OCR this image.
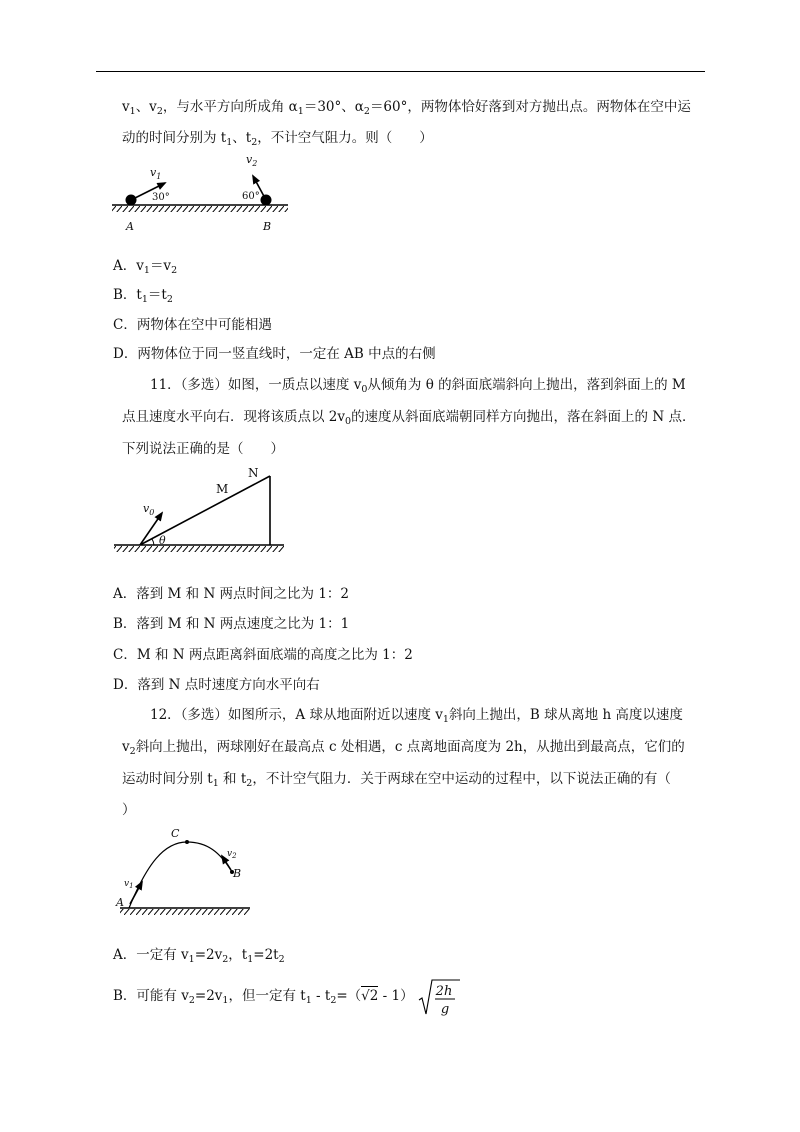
$v_1$、$v_2$，与水平方向所成角 $\alpha_1=30^\circ$、$\alpha_2=60^\circ$，两物体恰好落到对方抛出点。两物体在空中运
动的时间分别为 $t_1$、$t_2$，不计空气阻力。则（　　）
$v_1$
$v_2$
30°	60°
A	B
A．$v_1=v_2$
B．$t_1=t_2$
C．两物体在空中可能相遇
D．两物体位于同一竖直线时，一定在 AB 中点的右侧
11．（多选）如图，一质点以速度 $v_0$从倾角为 θ 的斜面底端斜向上抛出，落到斜面上的 M
点且速度水平向右．现将该质点以 $2v_0$的速度从斜面底端朝同样方向抛出，落在斜面上的 N 点．
下列说法正确的是（　　）
θ
$v_0$
M
N
A．落到 M 和 N 两点时间之比为 1：2
B．落到 M 和 N 两点速度之比为 1：1
C．M 和 N 两点距离斜面底端的高度之比为 1：2
D．落到 N 点时速度方向水平向右
12．（多选）如图所示，A 球从地面附近以速度 $v_1$斜向上抛出，B 球从离地 h 高度以速度
$v_2$斜向上抛出，两球刚好在最高点 c 处相遇，c 点离地面高度为 2h，从抛出到最高点，它们的
运动时间分别 $t_1$ 和 $t_2$，不计空气阻力．关于两球在空中运动的过程中，以下说法正确的有（
）
C
$v_2$
B
$v_1$
A
A．一定有 $v_1=2v_2$，$t_1=2t_2$
B．可能有 $v_2=2v_1$，但一定有 $t_1 - t_2=(√2 - 1)$ 2h
g
